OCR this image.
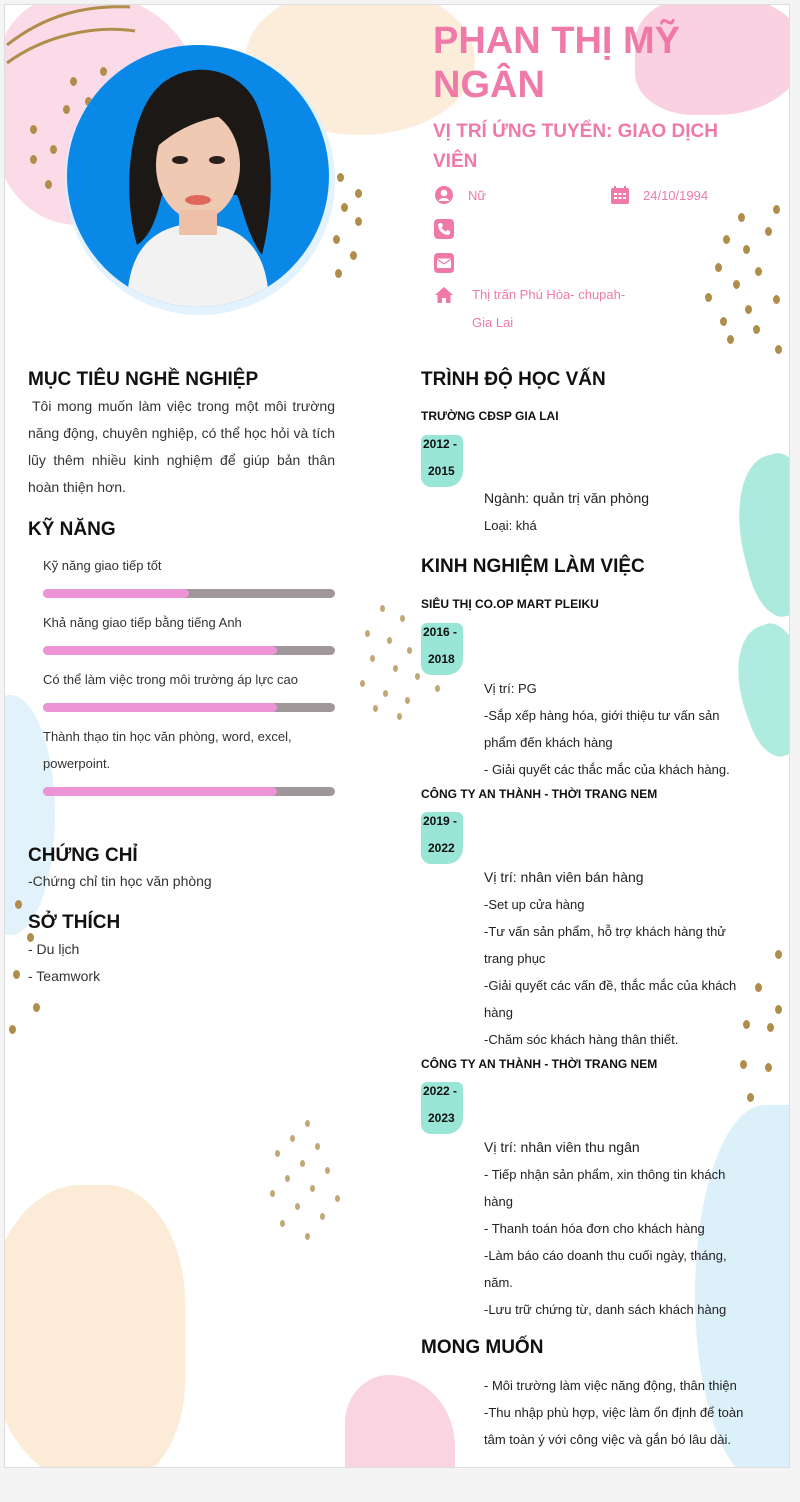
PHAN THỊ MỸ NGÂN
VỊ TRÍ ỨNG TUYỂN: GIAO DỊCH VIÊN
Nữ	24/10/1994
Thị trấn Phú Hòa- chupah-
Gia Lai
MỤC TIÊU NGHỀ NGHIỆP
Tôi mong muốn làm việc trong một môi trường năng động, chuyên nghiệp, có thể học hỏi và tích lũy thêm nhiều kinh nghiệm để giúp bản thân hoàn thiện hơn.
KỸ NĂNG
Kỹ năng giao tiếp tốt
Khả năng giao tiếp bằng tiếng Anh
Có thể làm việc trong môi trường áp lực cao
Thành thạo tin học văn phòng, word, excel,
powerpoint.
CHỨNG CHỈ
-Chứng chỉ tin học văn phòng
SỞ THÍCH
- Du lịch
- Teamwork
TRÌNH ĐỘ HỌC VẤN
TRƯỜNG CĐSP GIA LAI
2012 -
2015
Ngành: quản trị văn phòng
Loại: khá
KINH NGHIỆM LÀM VIỆC
SIÊU THỊ CO.OP MART PLEIKU
2016 -
2018
Vị trí: PG
-Sắp xếp hàng hóa, giới thiệu tư vấn sản
phẩm đến khách hàng
- Giải quyết các thắc mắc của khách hàng.
CÔNG TY AN THÀNH - THỜI TRANG NEM
2019 -
2022
Vị trí: nhân viên bán hàng
-Set up cửa hàng
-Tư vấn sản phẩm, hỗ trợ khách hàng thử
trang phục
-Giải quyết các vấn đề, thắc mắc của khách
hàng
-Chăm sóc khách hàng thân thiết.
CÔNG TY AN THÀNH - THỜI TRANG NEM
2022 -
2023
Vị trí: nhân viên thu ngân
- Tiếp nhận sản phẩm, xin thông tin khách
hàng
- Thanh toán hóa đơn cho khách hàng
-Làm báo cáo doanh thu cuối ngày, tháng,
năm.
-Lưu trữ chứng từ, danh sách khách hàng
MONG MUỐN
- Môi trường làm việc năng động, thân thiện
-Thu nhập phù hợp, việc làm ổn định để toàn
tâm toàn ý với công việc và gắn bó lâu dài.
